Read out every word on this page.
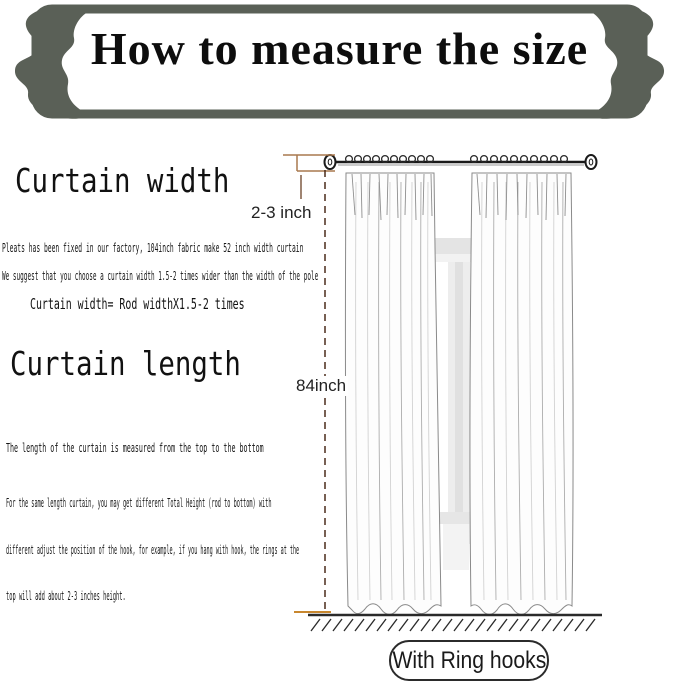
How to measure the size
Curtain width
Pleats has been fixed in our factory, 104inch fabric make 52 inch width curtain
We suggest that you choose a curtain width 1.5-2 times wider than the width of the pole
Curtain width= Rod widthX1.5-2 times
Curtain length
The length of the curtain is measured from the top to the bottom
For the same length curtain, you may get different Total Height (rod to bottom) with
different adjust the position of the hook, for example, if you hang with hook, the rings at the
top will add about 2-3 inches height.
2-3 inch
84inch
With Ring hooks
